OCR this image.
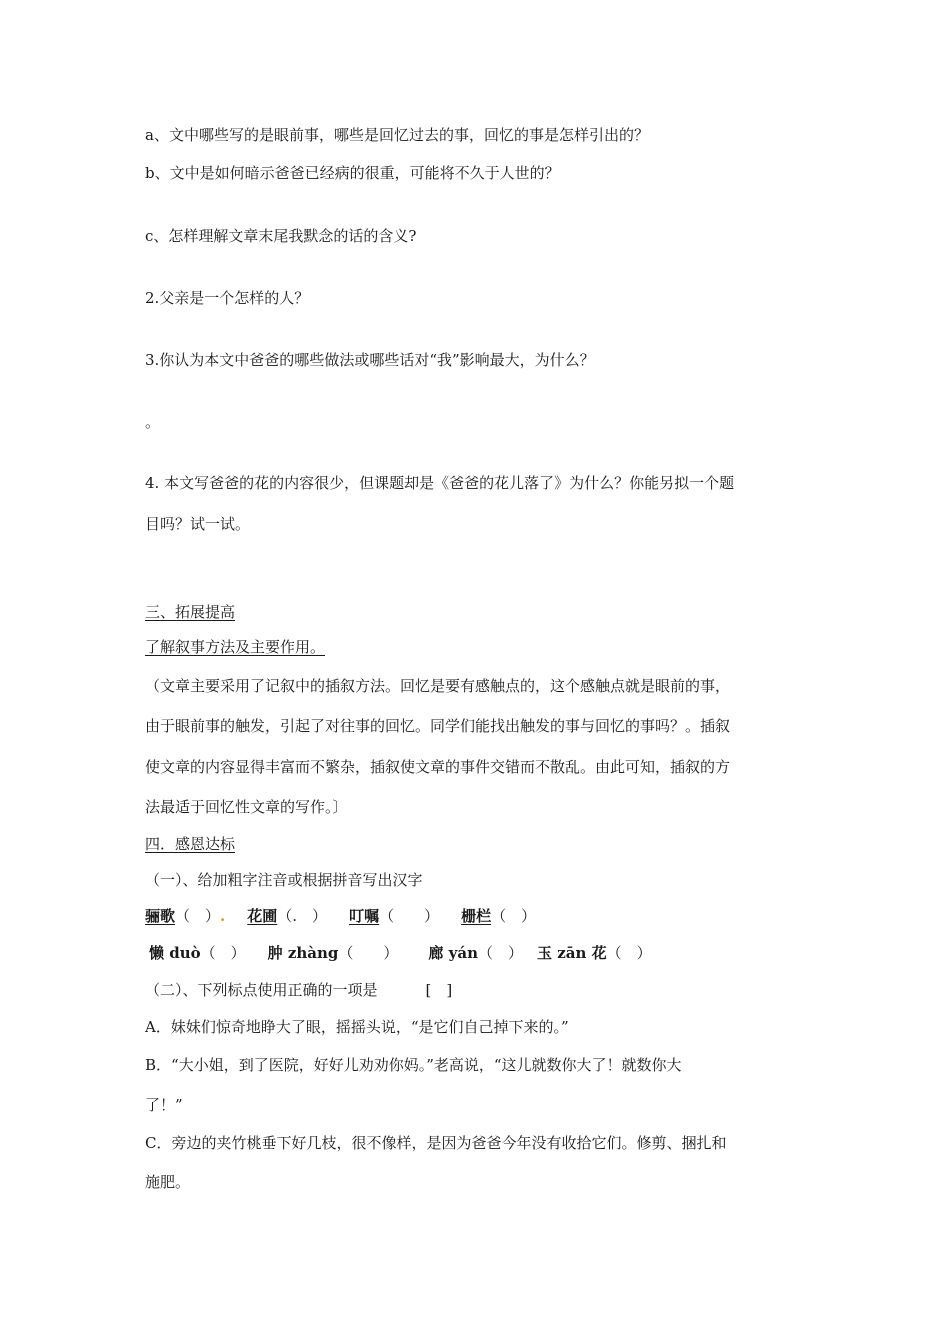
a、文中哪些写的是眼前事，哪些是回忆过去的事，回忆的事是怎样引出的？
b、文中是如何暗示爸爸已经病的很重，可能将不久于人世的？
c、怎样理解文章末尾我默念的话的含义?
2.父亲是一个怎样的人？
3.你认为本文中爸爸的哪些做法或哪些话对“我”影响最大，为什么？
。
4. 本文写爸爸的花的内容很少，但课题却是《爸爸的花儿落了》为什么？你能另拟一个题
目吗？试一试。
三、拓展提高
了解叙事方法及主要作用。
（文章主要采用了记叙中的插叙方法。回忆是要有感触点的，这个感触点就是眼前的事，
由于眼前事的触发，引起了对往事的回忆。同学们能找出触发的事与回忆的事吗？。插叙
使文章的内容显得丰富而不繁杂，插叙使文章的事件交错而不散乱。由此可知，插叙的方
法最适于回忆性文章的写作。〕
四．感恩达标
（一）、给加粗字注音或根据拼音写出汉字
骊歌（　）. 花圃（.　） 叮嘱（　　） 栅栏（　）
懒 duò（　） 肿 zhàng（　　） 廊 yán（　） 玉 zān 花（　）
（二）、下列标点使用正确的一项是	[　]
A．妹妹们惊奇地睁大了眼，摇摇头说，“是它们自己掉下来的。”
B．“大小姐，到了医院，好好儿劝劝你妈。”老高说，“这儿就数你大了！就数你大
了！”
C．旁边的夹竹桃垂下好几枝，很不像样，是因为爸爸今年没有收拾它们。修剪、捆扎和
施肥。
